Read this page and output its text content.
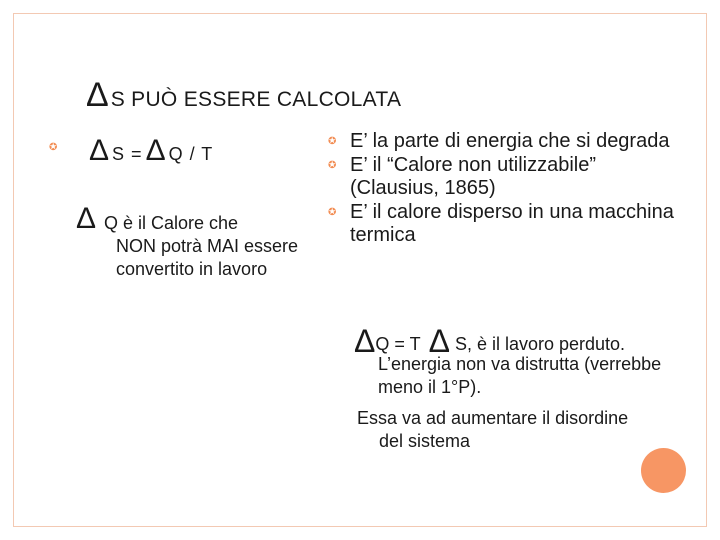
Δ S PUÒ ESSERE CALCOLATA
✪ Δ S = Δ Q / T
Δ Q è il Calore che
NON potrà MAI essere convertito in lavoro
✪ E’ la parte di energia che si degrada
✪ E’ il “Calore non utilizzabile” (Clausius, 1865)
✪ E’ il calore disperso in una macchina termica
Δ Q = T Δ S, è il lavoro perduto.
L’energia non va distrutta (verrebbe meno il 1°P).
Essa va ad aumentare il disordine
del sistema
